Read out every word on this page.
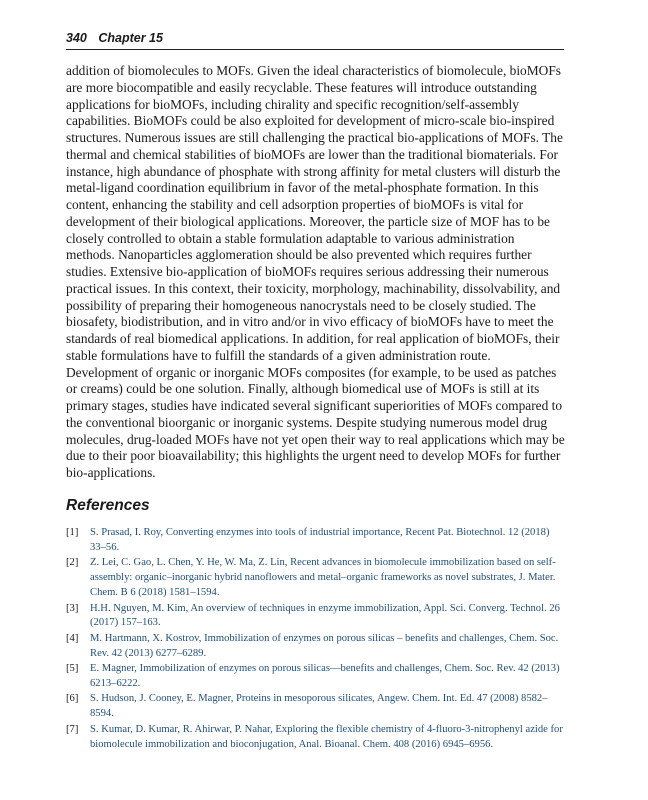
340 Chapter 15

addition of biomolecules to MOFs. Given the ideal characteristics of biomolecule, bioMOFs are more biocompatible and easily recyclable. These features will introduce outstanding applications for bioMOFs, including chirality and specific recognition/self-assembly capabilities. BioMOFs could be also exploited for development of micro-scale bio-inspired structures. Numerous issues are still challenging the practical bio-applications of MOFs. The thermal and chemical stabilities of bioMOFs are lower than the traditional biomaterials. For instance, high abundance of phosphate with strong affinity for metal clusters will disturb the metal-ligand coordination equilibrium in favor of the metal-phosphate formation. In this content, enhancing the stability and cell adsorption properties of bioMOFs is vital for development of their biological applications. Moreover, the particle size of MOF has to be closely controlled to obtain a stable formulation adaptable to various administration methods. Nanoparticles agglomeration should be also prevented which requires further studies. Extensive bio-application of bioMOFs requires serious addressing their numerous practical issues. In this context, their toxicity, morphology, machinability, dissolvability, and possibility of preparing their homogeneous nanocrystals need to be closely studied. The biosafety, biodistribution, and in vitro and/or in vivo efficacy of bioMOFs have to meet the standards of real biomedical applications. In addition, for real application of bioMOFs, their stable formulations have to fulfill the standards of a given administration route. Development of organic or inorganic MOFs composites (for example, to be used as patches or creams) could be one solution. Finally, although biomedical use of MOFs is still at its primary stages, studies have indicated several significant superiorities of MOFs compared to the conventional bioorganic or inorganic systems. Despite studying numerous model drug molecules, drug-loaded MOFs have not yet open their way to real applications which may be due to their poor bioavailability; this highlights the urgent need to develop MOFs for further bio-applications.

References
[1]	S. Prasad, I. Roy, Converting enzymes into tools of industrial importance, Recent Pat. Biotechnol. 12 (2018) 33–56.
[2]	Z. Lei, C. Gao, L. Chen, Y. He, W. Ma, Z. Lin, Recent advances in biomolecule immobilization based on self-assembly: organic–inorganic hybrid nanoflowers and metal–organic frameworks as novel substrates, J. Mater. Chem. B 6 (2018) 1581–1594.
[3]	H.H. Nguyen, M. Kim, An overview of techniques in enzyme immobilization, Appl. Sci. Converg. Technol. 26 (2017) 157–163.
[4]	M. Hartmann, X. Kostrov, Immobilization of enzymes on porous silicas – benefits and challenges, Chem. Soc. Rev. 42 (2013) 6277–6289.
[5]	E. Magner, Immobilization of enzymes on porous silicas—benefits and challenges, Chem. Soc. Rev. 42 (2013) 6213–6222.
[6]	S. Hudson, J. Cooney, E. Magner, Proteins in mesoporous silicates, Angew. Chem. Int. Ed. 47 (2008) 8582–8594.
[7]	S. Kumar, D. Kumar, R. Ahirwar, P. Nahar, Exploring the flexible chemistry of 4-fluoro-3-nitrophenyl azide for biomolecule immobilization and bioconjugation, Anal. Bioanal. Chem. 408 (2016) 6945–6956.
